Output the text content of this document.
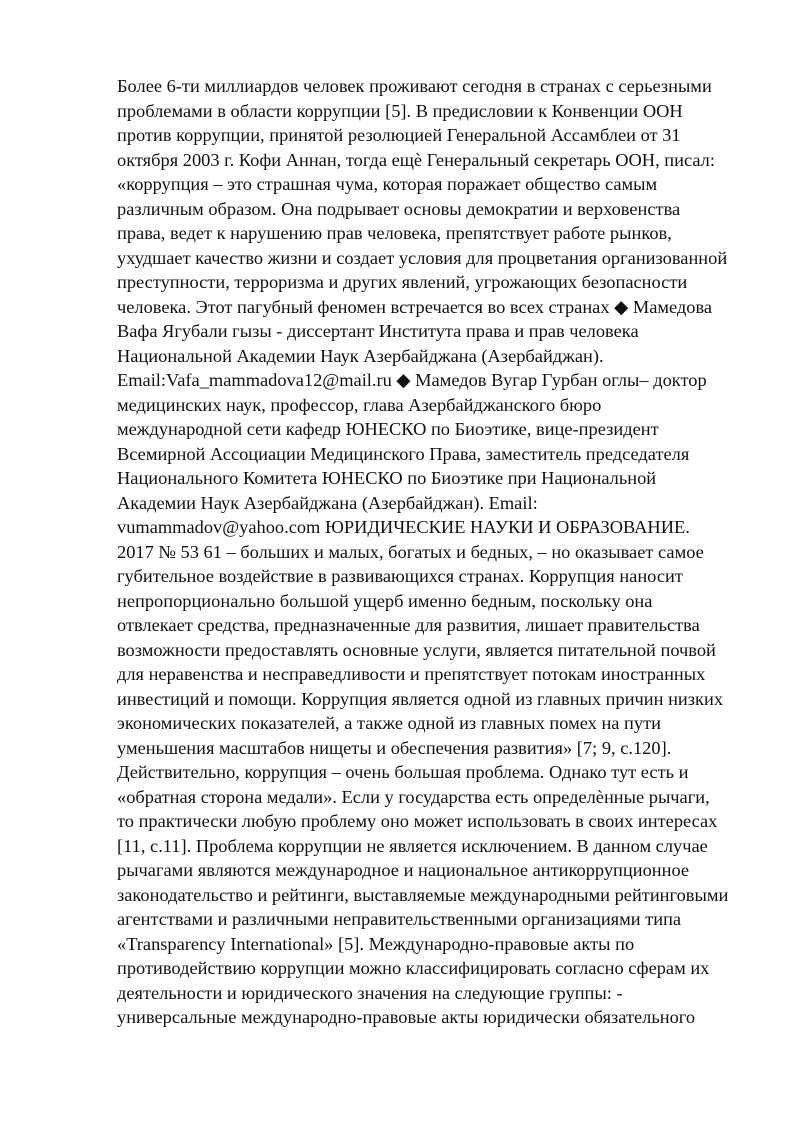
Более 6-ти миллиардов человек проживают сегодня в странах с серьезными
проблемами в области коррупции [5]. В предисловии к Конвенции ООН
против коррупции, принятой резолюцией Генеральной Ассамблеи от 31
октября 2003 г. Кофи Аннан, тогда ещѐ Генеральный секретарь ООН, писал:
«коррупция – это страшная чума, которая поражает общество самым
различным образом. Она подрывает основы демократии и верховенства
права, ведет к нарушению прав человека, препятствует работе рынков,
ухудшает качество жизни и создает условия для процветания организованной
преступности, терроризма и других явлений, угрожающих безопасности
человека. Этот пагубный феномен встречается во всех странах ◆ Мамедова
Вафа Ягубали гызы - диссертант Института права и прав человека
Национальной Академии Наук Азербайджана (Азербайджан).
Email:Vafa_mammadova12@mail.ru ◆ Мамедов Вугар Гурбан оглы– доктор
медицинских наук, профессор, глава Азербайджанского бюро
международной сети кафедр ЮНЕСКО по Биоэтике, вице-президент
Всемирной Ассоциации Медицинского Права, заместитель председателя
Национального Комитета ЮНЕСКО по Биоэтике при Национальной
Академии Наук Азербайджана (Азербайджан). Email:
vumammadov@yahoo.com ЮРИДИЧЕСКИЕ НАУКИ И ОБРАЗОВАНИЕ.
2017 № 53 61 – больших и малых, богатых и бедных, – но оказывает самое
губительное воздействие в развивающихся странах. Коррупция наносит
непропорционально большой ущерб именно бедным, поскольку она
отвлекает средства, предназначенные для развития, лишает правительства
возможности предоставлять основные услуги, является питательной почвой
для неравенства и несправедливости и препятствует потокам иностранных
инвестиций и помощи. Коррупция является одной из главных причин низких
экономических показателей, а также одной из главных помех на пути
уменьшения масштабов нищеты и обеспечения развития» [7; 9, с.120].
Действительно, коррупция – очень большая проблема. Однако тут есть и
«обратная сторона медали». Если у государства есть определѐнные рычаги,
то практически любую проблему оно может использовать в своих интересах
[11, с.11]. Проблема коррупции не является исключением. В данном случае
рычагами являются международное и национальное антикоррупционное
законодательство и рейтинги, выставляемые международными рейтинговыми
агентствами и различными неправительственными организациями типа
«Transparency International» [5]. Международно-правовые акты по
противодействию коррупции можно классифицировать согласно сферам их
деятельности и юридического значения на следующие группы: -
универсальные международно-правовые акты юридически обязательного
